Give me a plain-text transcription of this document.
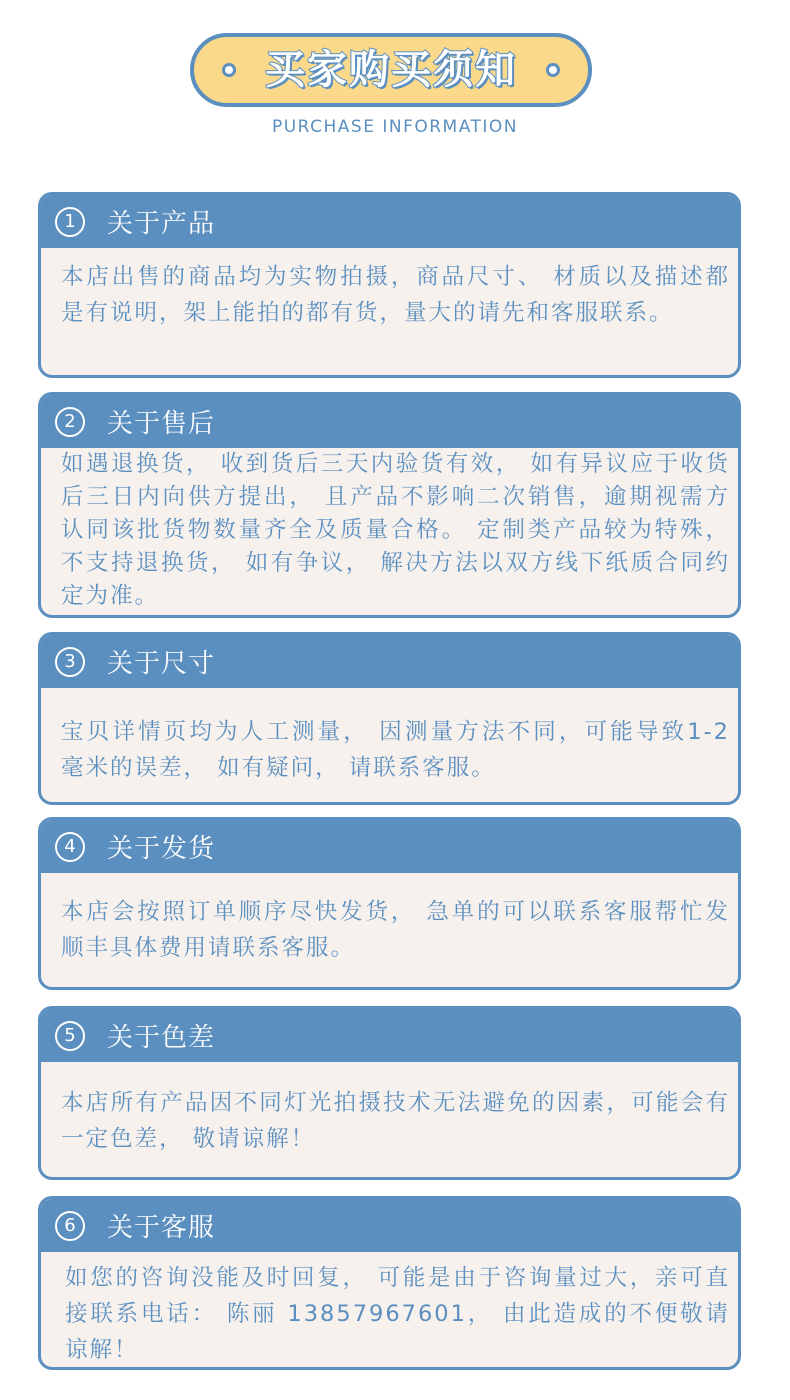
买家购买须知
PURCHASE INFORMATION
1	关于产品
本店出售的商品均为实物拍摄，商品尺寸、 材质以及描述都是有说明，架上能拍的都有货，量大的请先和客服联系。
2	关于售后
如遇退换货， 收到货后三天内验货有效， 如有异议应于收货后三日内向供方提出， 且产品不影响二次销售，逾期视需方认同该批货物数量齐全及质量合格。 定制类产品较为特殊， 不支持退换货， 如有争议， 解决方法以双方线下纸质合同约定为准。
3	关于尺寸
宝贝详情页均为人工测量， 因测量方法不同，可能导致1-2 毫米的误差， 如有疑问， 请联系客服。
4	关于发货
本店会按照订单顺序尽快发货， 急单的可以联系客服帮忙发顺丰具体费用请联系客服。
5	关于色差
本店所有产品因不同灯光拍摄技术无法避免的因素，可能会有一定色差， 敬请谅解！
6	关于客服
如您的咨询没能及时回复， 可能是由于咨询量过大，亲可直接联系电话： 陈丽 13857967601， 由此造成的不便敬请谅解！
